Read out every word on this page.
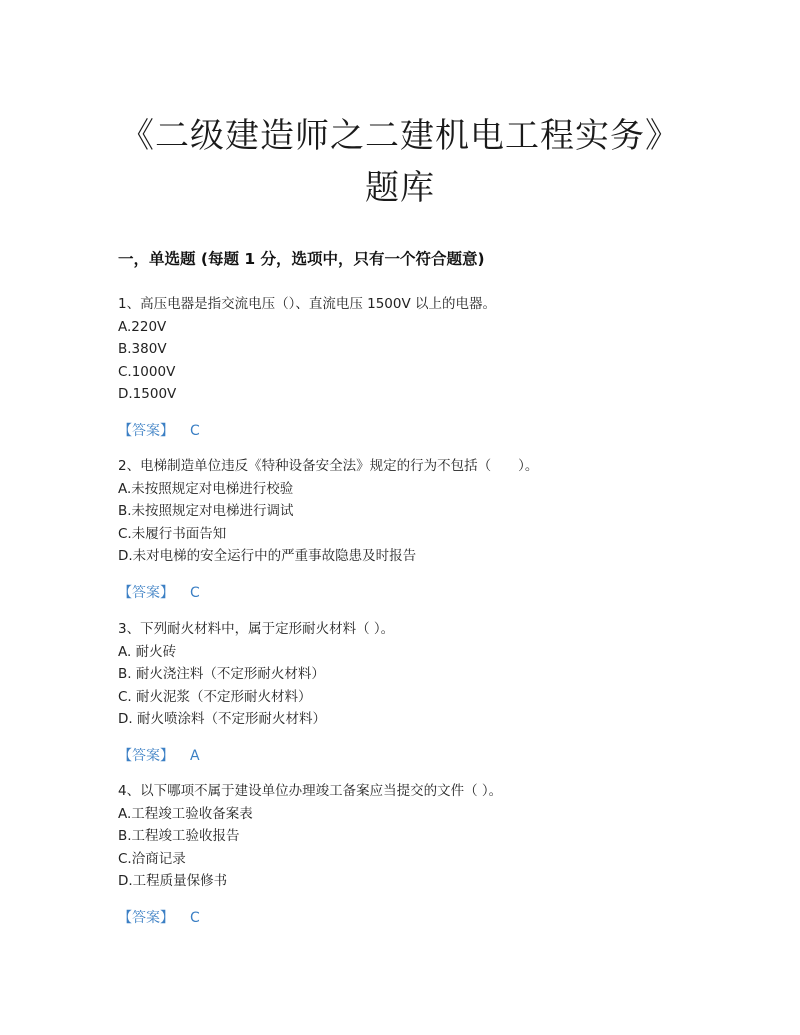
《二级建造师之二建机电工程实务》
题库
一，单选题 (每题 1 分，选项中，只有一个符合题意)
1、高压电器是指交流电压（）、直流电压 1500V 以上的电器。
A.220V
B.380V
C.1000V
D.1500V
【答案】 C
2、电梯制造单位违反《特种设备安全法》规定的行为不包括（　　）。
A.未按照规定对电梯进行校验
B.未按照规定对电梯进行调试
C.未履行书面告知
D.未对电梯的安全运行中的严重事故隐患及时报告
【答案】 C
3、下列耐火材料中，属于定形耐火材料（ ）。
A. 耐火砖
B. 耐火浇注料（不定形耐火材料）
C. 耐火泥浆（不定形耐火材料）
D. 耐火喷涂料（不定形耐火材料）
【答案】 A
4、以下哪项不属于建设单位办理竣工备案应当提交的文件（ ）。
A.工程竣工验收备案表
B.工程竣工验收报告
C.洽商记录
D.工程质量保修书
【答案】 C
